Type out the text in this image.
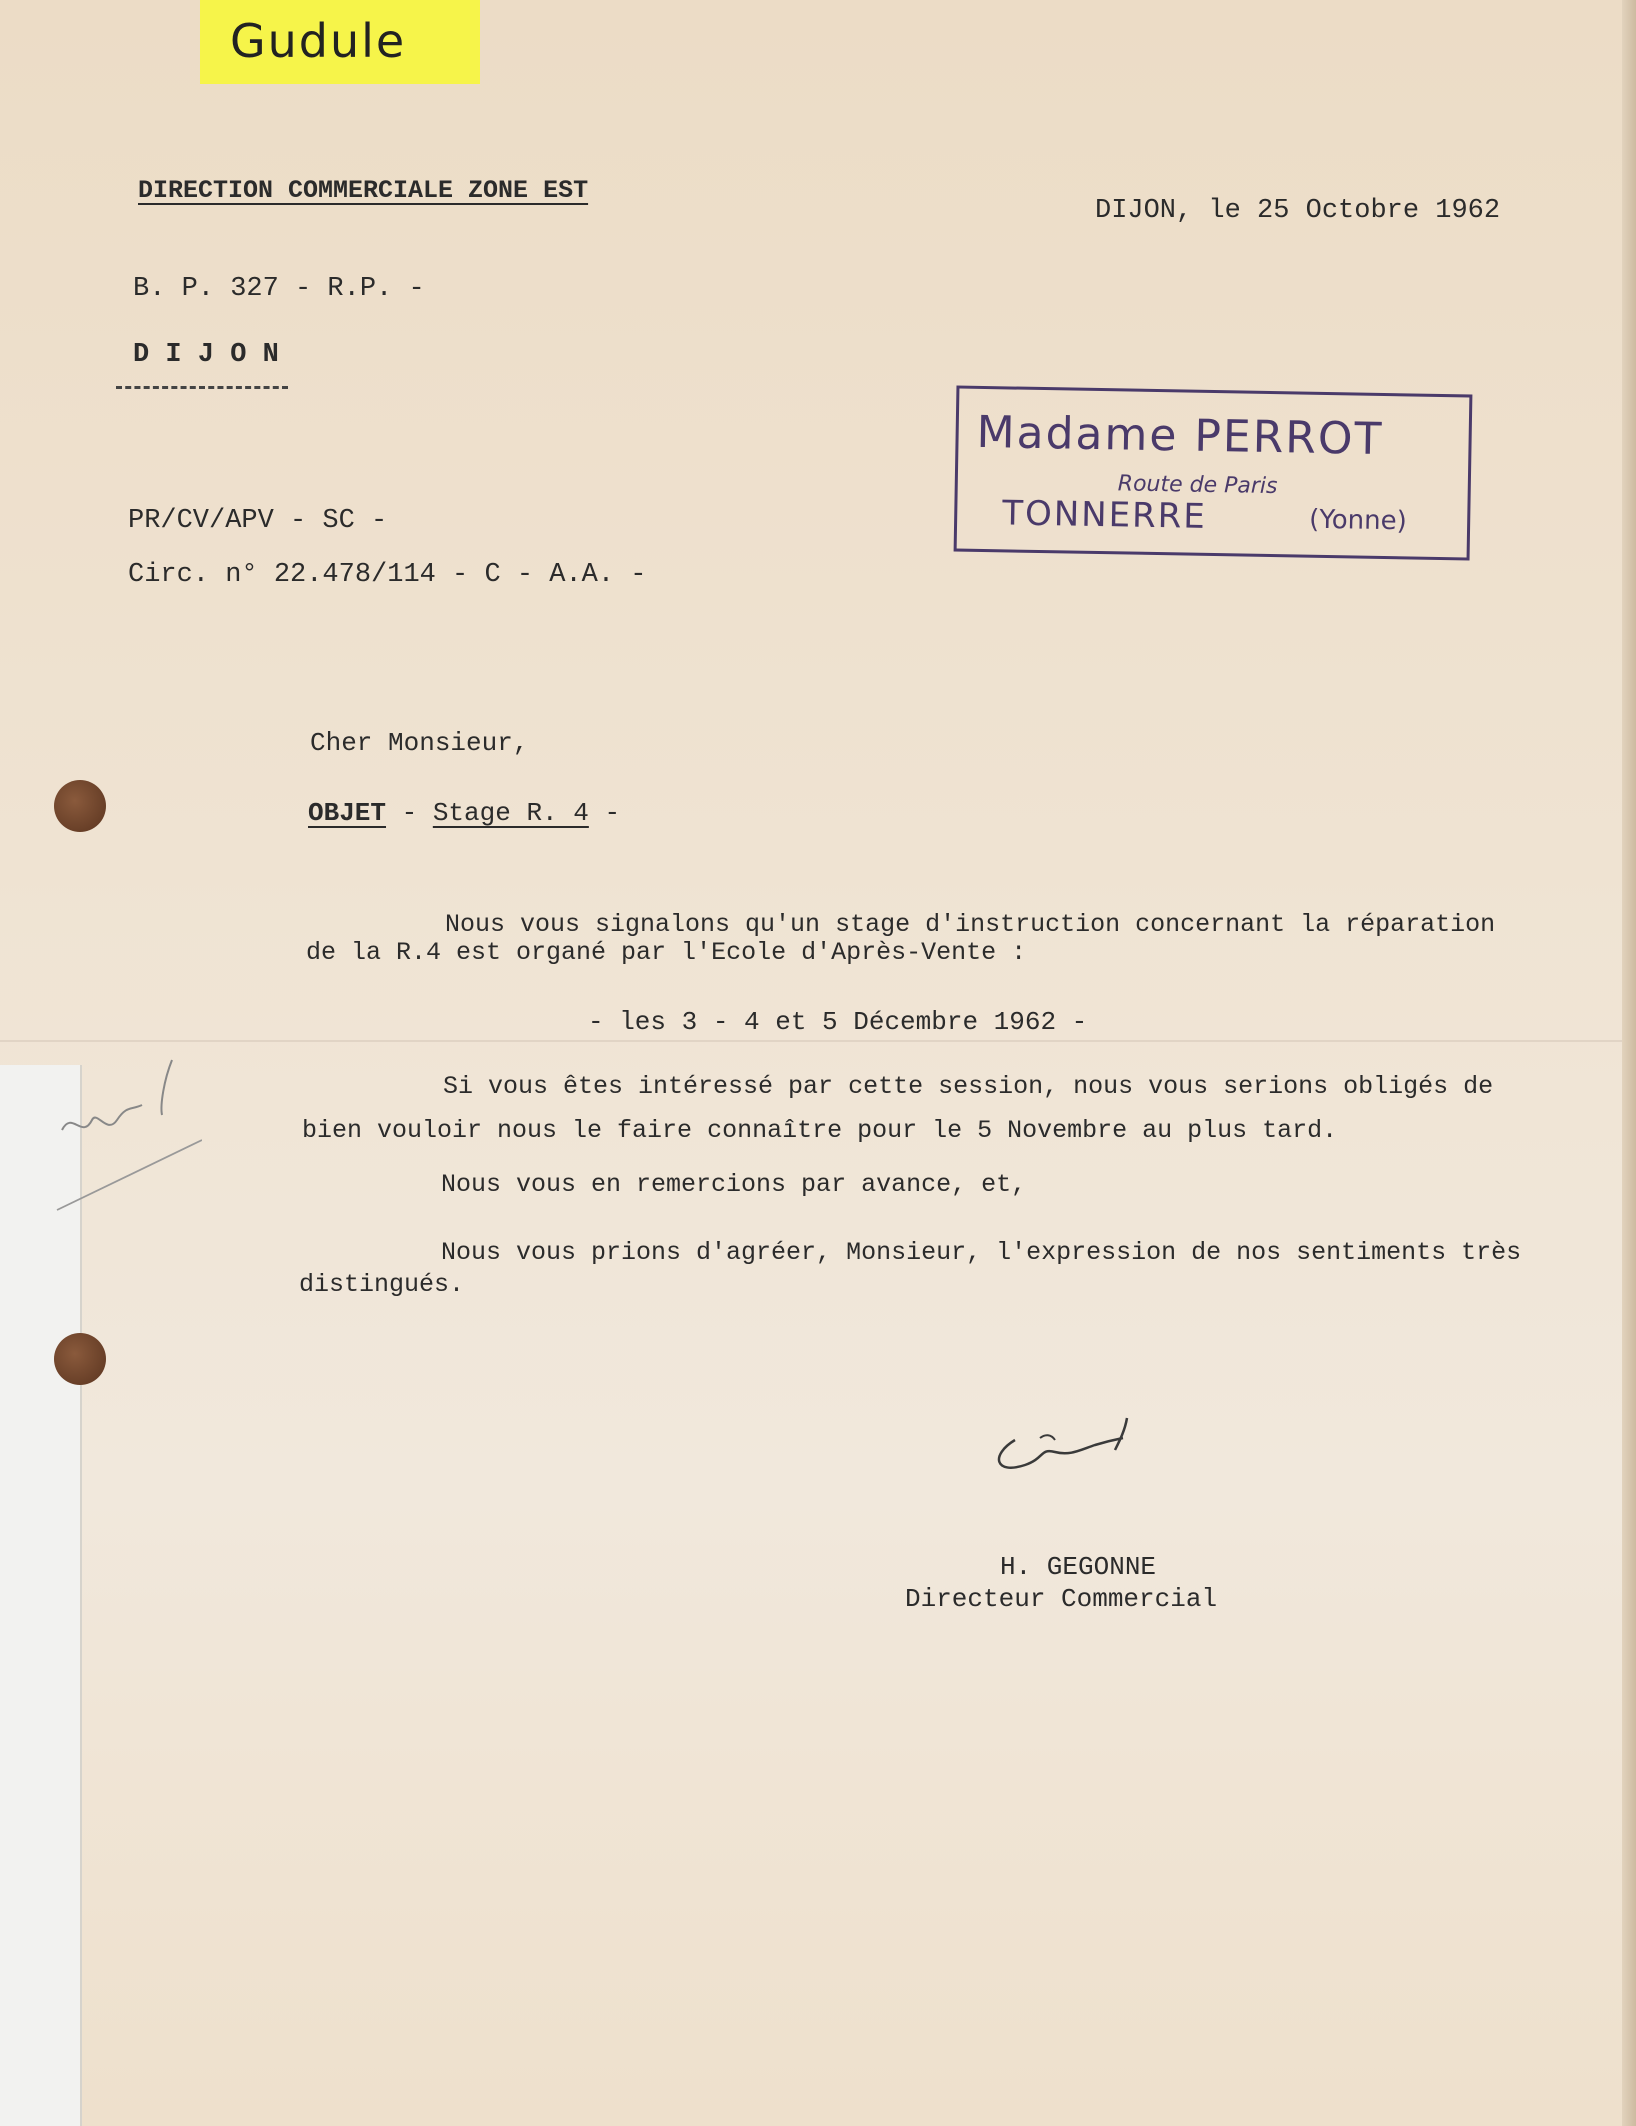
Gudule
DIRECTION COMMERCIALE ZONE EST
DIJON, le 25 Octobre 1962
B. P. 327 - R.P. -
D I J O N
Madame PERROT
Route de Paris
TONNERRE	(Yonne)
PR/CV/APV - SC -
Circ. n° 22.478/114 - C - A.A. -
Cher Monsieur,
OBJET - Stage R. 4 -
Nous vous signalons qu'un stage d'instruction concernant la réparation
de la R.4 est organé par l'Ecole d'Après-Vente :
- les 3 - 4 et 5 Décembre 1962 -
Si vous êtes intéressé par cette session, nous vous serions obligés de
bien vouloir nous le faire connaître pour le 5 Novembre au plus tard.
Nous vous en remercions par avance, et,
Nous vous prions d'agréer, Monsieur, l'expression de nos sentiments très
distingués.
H. GEGONNE
Directeur Commercial
